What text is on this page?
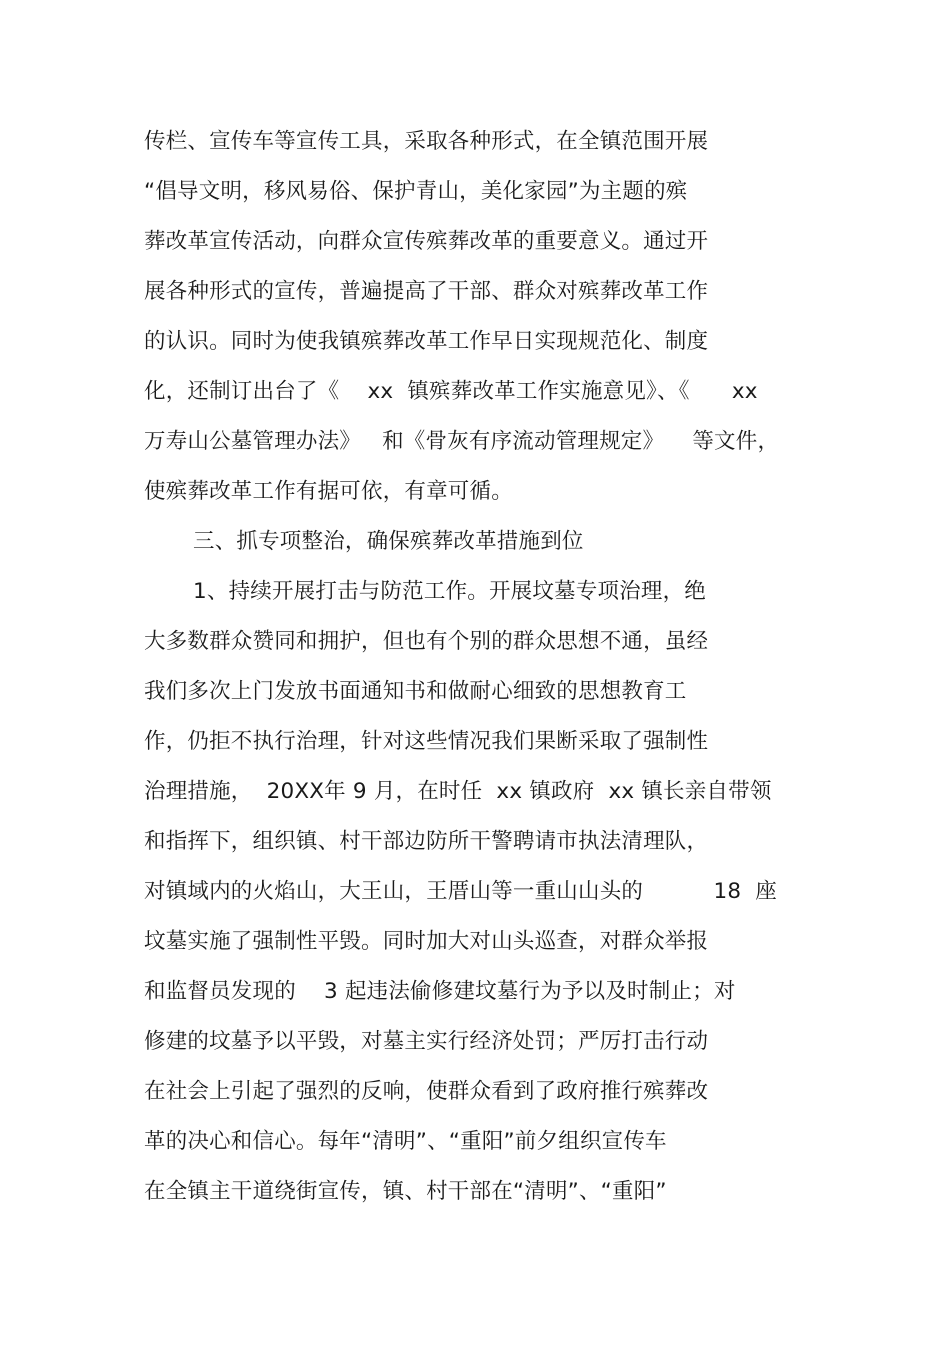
传栏、宣传车等宣传工具，采取各种形式，在全镇范围开展
“倡导文明，移风易俗、保护青山，美化家园”为主题的殡
葬改革宣传活动，向群众宣传殡葬改革的重要意义。通过开
展各种形式的宣传，普遍提高了干部、群众对殡葬改革工作
的认识。同时为使我镇殡葬改革工作早日实现规范化、制度
化，还制订出台了《    xx  镇殡葬改革工作实施意见》、《      xx
万寿山公墓管理办法》   和《骨灰有序流动管理规定》    等文件，
使殡葬改革工作有据可依，有章可循。
三、抓专项整治，确保殡葬改革措施到位
1、持续开展打击与防范工作。开展坟墓专项治理，绝
大多数群众赞同和拥护，但也有个别的群众思想不通，虽经
我们多次上门发放书面通知书和做耐心细致的思想教育工
作，仍拒不执行治理，针对这些情况我们果断采取了强制性
治理措施，  20XX年 9 月，在时任  xx 镇政府  xx 镇长亲自带领
和指挥下，组织镇、村干部边防所干警聘请市执法清理队，
对镇域内的火焰山，大王山，王厝山等一重山山头的          18  座
坟墓实施了强制性平毁。同时加大对山头巡查，对群众举报
和监督员发现的    3 起违法偷修建坟墓行为予以及时制止；对
修建的坟墓予以平毁，对墓主实行经济处罚；严厉打击行动
在社会上引起了强烈的反响，使群众看到了政府推行殡葬改
革的决心和信心。每年“清明”、“重阳”前夕组织宣传车
在全镇主干道绕街宣传，镇、村干部在“清明”、“重阳”
